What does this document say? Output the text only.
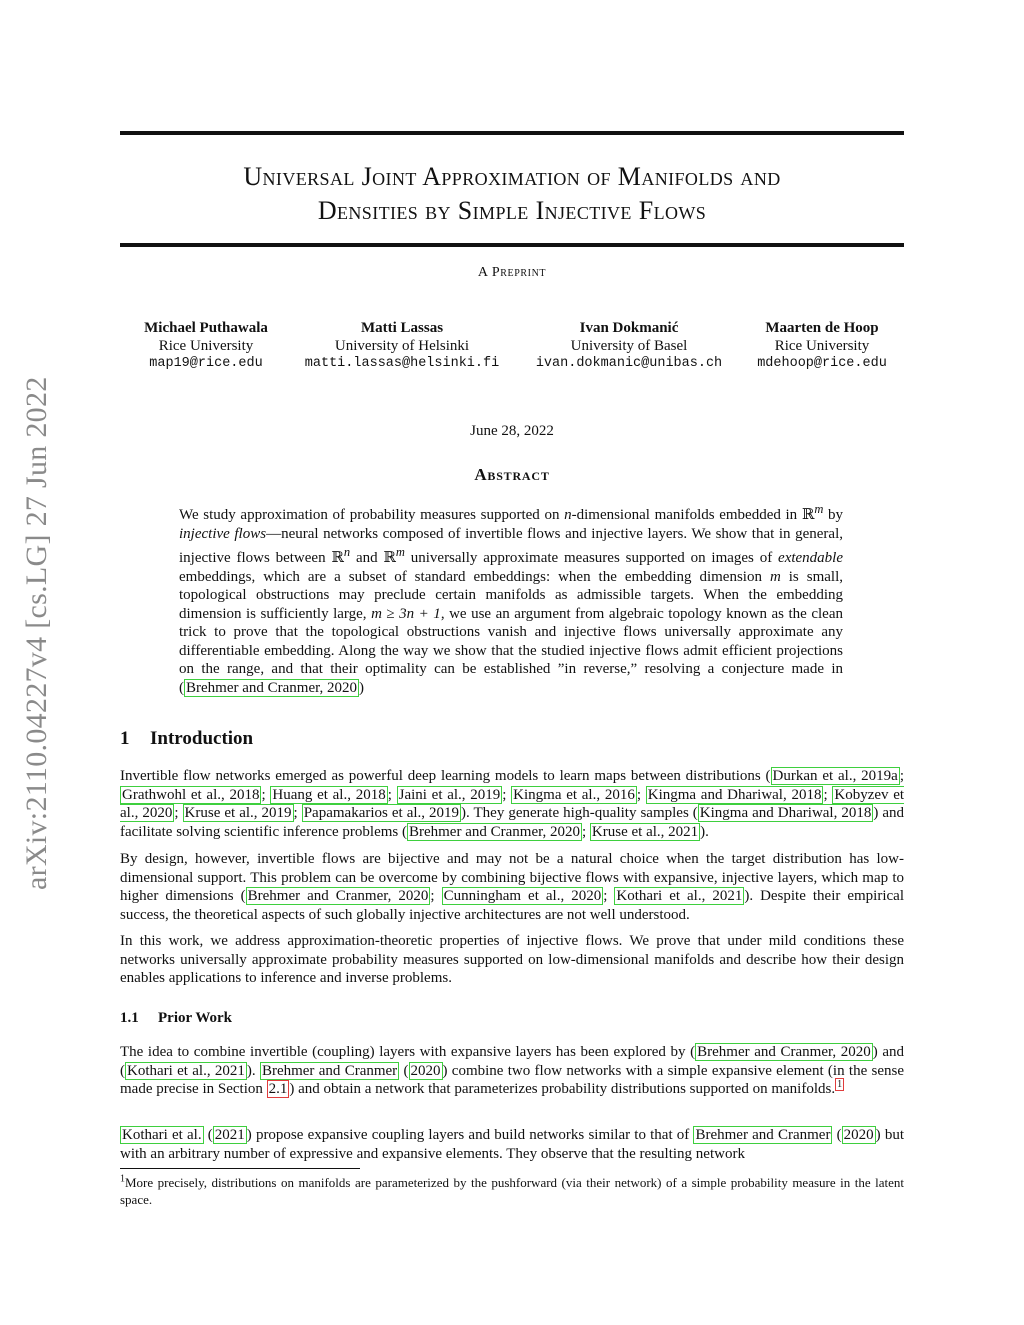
arXiv:2110.04227v4 [cs.LG] 27 Jun 2022
Universal Joint Approximation of Manifolds and
Densities by Simple Injective Flows
A Preprint
Michael Puthawala
Rice University
map19@rice.edu
Matti Lassas
University of Helsinki
matti.lassas@helsinki.fi
Ivan Dokmanić
University of Basel
ivan.dokmanic@unibas.ch
Maarten de Hoop
Rice University
mdehoop@rice.edu
June 28, 2022
Abstract
We study approximation of probability measures supported on n-dimensional manifolds embedded in ℝ$^m$ by injective flows—neural networks composed of invertible flows and injective layers. We show that in general, injective flows between ℝ$^n$ and ℝ$^m$ universally approximate measures supported on images of extendable embeddings, which are a subset of standard embeddings: when the embedding dimension m is small, topological obstructions may preclude certain manifolds as admissible targets. When the embedding dimension is sufficiently large, m ≥ 3n + 1, we use an argument from algebraic topology known as the clean trick to prove that the topological obstructions vanish and injective flows universally approximate any differentiable embedding. Along the way we show that the studied injective flows admit efficient projections on the range, and that their optimality can be established ”in reverse,” resolving a conjecture made in ( Brehmer and Cranmer, 2020 )
1 Introduction

Invertible flow networks emerged as powerful deep learning models to learn maps between distributions ( Durkan et al., 2019a ; Grathwohl et al., 2018 ; Huang et al., 2018 ; Jaini et al., 2019 ; Kingma et al., 2016 ; Kingma and Dhariwal, 2018 ; Kobyzev et al., 2020 ; Kruse et al., 2019 ; Papamakarios et al., 2019 ). They generate high-quality samples ( Kingma and Dhariwal, 2018 ) and facilitate solving scientific inference problems ( Brehmer and Cranmer, 2020 ; Kruse et al., 2021 ).

By design, however, invertible flows are bijective and may not be a natural choice when the target distribution has low-dimensional support. This problem can be overcome by combining bijective flows with expansive, injective layers, which map to higher dimensions ( Brehmer and Cranmer, 2020 ; Cunningham et al., 2020 ; Kothari et al., 2021 ). Despite their empirical success, the theoretical aspects of such globally injective architectures are not well understood.

In this work, we address approximation-theoretic properties of injective flows. We prove that under mild conditions these networks universally approximate probability measures supported on low-dimensional manifolds and describe how their design enables applications to inference and inverse problems.

1.1 Prior Work

The idea to combine invertible (coupling) layers with expansive layers has been explored by ( Brehmer and Cranmer, 2020 ) and ( Kothari et al., 2021 ). Brehmer and Cranmer ( 2020 ) combine two flow networks with a simple expansive element (in the sense made precise in Section 2.1 ) and obtain a network that parameterizes probability distributions supported on manifolds. $^1$

Kothari et al. ( 2021 ) propose expansive coupling layers and build networks similar to that of Brehmer and Cranmer ( 2020 ) but with an arbitrary number of expressive and expansive elements. They observe that the resulting network

$^1$More precisely, distributions on manifolds are parameterized by the pushforward (via their network) of a simple probability measure in the latent space.
